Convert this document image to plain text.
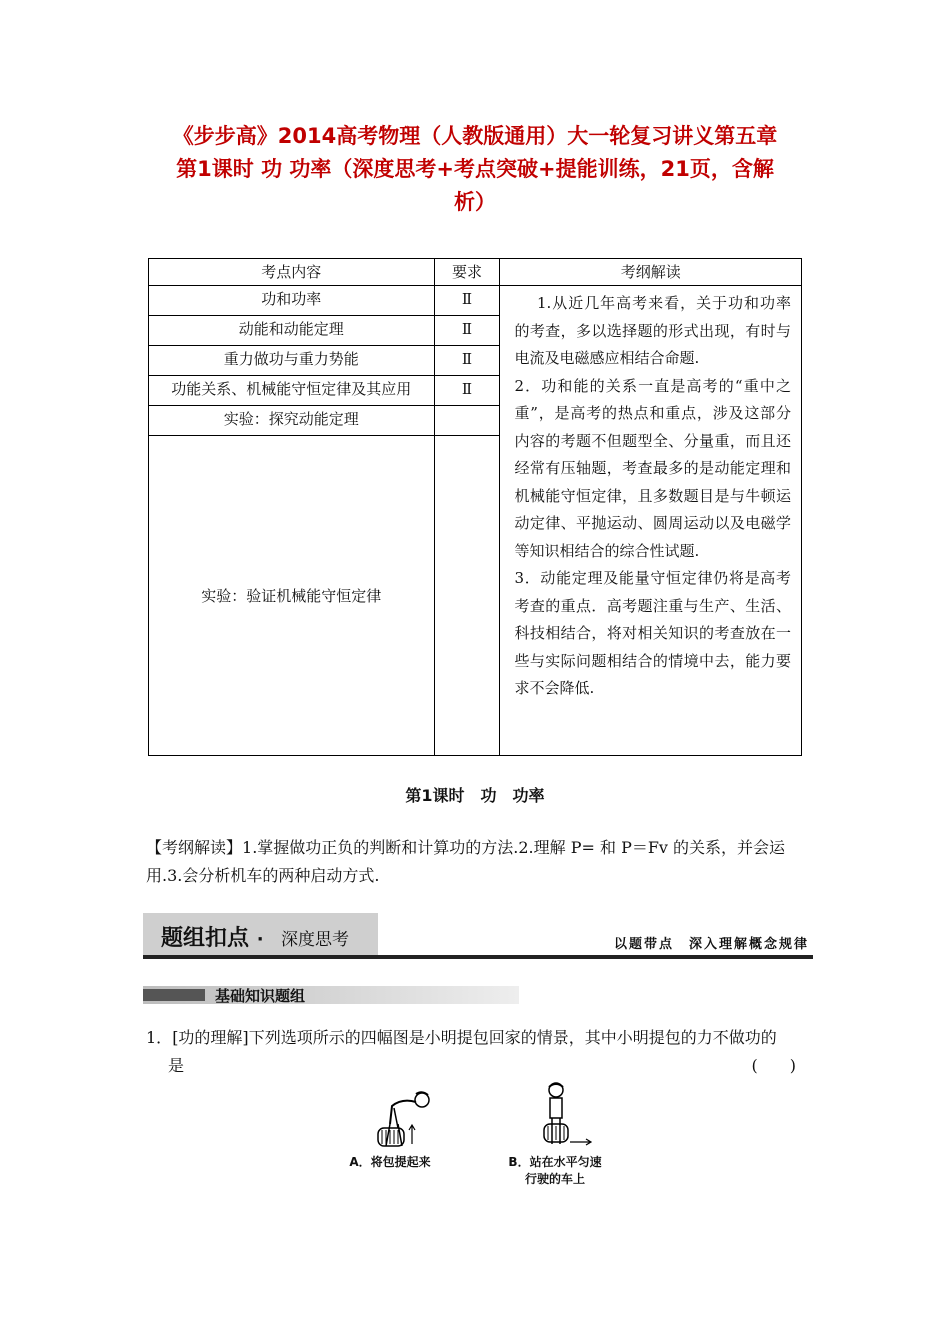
《步步高》2014高考物理（人教版通用）大一轮复习讲义第五章
第1课时 功 功率（深度思考+考点突破+提能训练，21页，含解
析）
考点内容	要求	考纲解读
功和功率	Ⅱ	1.从近几年高考来看，关于功和功率的考查，多以选择题的形式出现，有时与电流及电磁感应相结合命题.

2．功和能的关系一直是高考的“重中之重”，是高考的热点和重点，涉及这部分内容的考题不但题型全、分量重，而且还经常有压轴题，考查最多的是动能定理和机械能守恒定律，且多数题目是与牛顿运动定律、平抛运动、圆周运动以及电磁学等知识相结合的综合性试题.

3．动能定理及能量守恒定律仍将是高考考查的重点．高考题注重与生产、生活、科技相结合，将对相关知识的考查放在一些与实际问题相结合的情境中去，能力要求不会降低.

动能和动能定理	Ⅱ	
重力做功与重力势能	Ⅱ	
功能关系、机械能守恒定律及其应用	Ⅱ	
实验：探究动能定理		
实验：验证机械能守恒定律		
第1课时　功　功率
【考纲解读】1.掌握做功正负的判断和计算功的方法.2.理解 P= 和 P＝Fv 的关系，并会运用.3.会分析机车的两种启动方式.
题组扣点 · 深度思考	以题带点　深入理解概念规律
基础知识题组
1．[功的理解]下列选项所示的四幅图是小明提包回家的情景，其中小明提包的力不做功的
是	(　　)
A．将包提起来	B．站在水平匀速
行驶的车上
